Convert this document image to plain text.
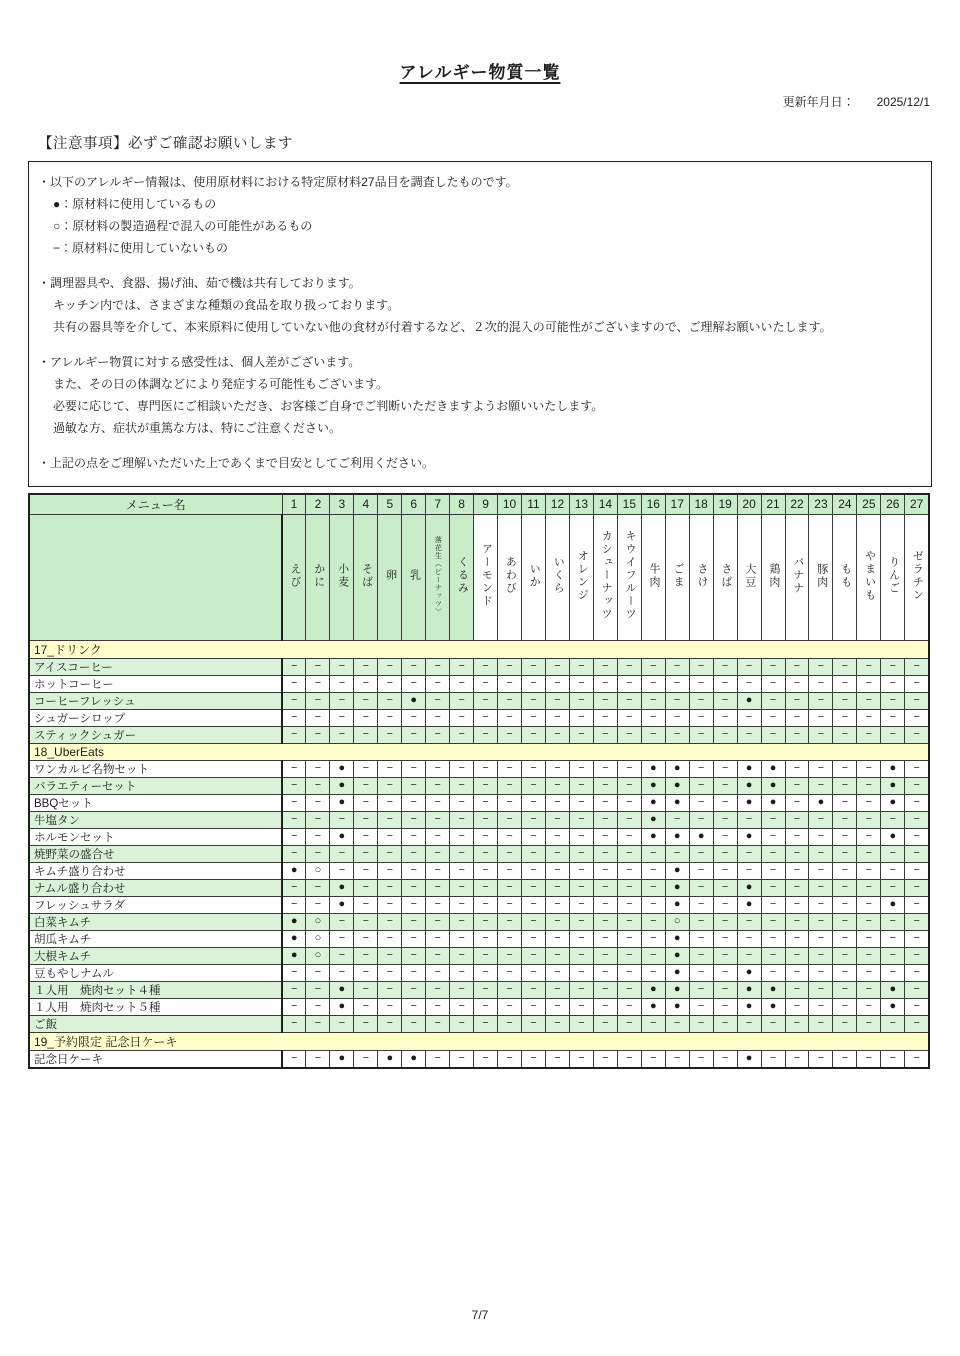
アレルギー物質一覧
更新年月日： 2025/12/1
【注意事項】必ずご確認お願いします
・以下のアレルギー情報は、使用原材料における特定原材料27品目を調査したものです。
●：原材料に使用しているもの
○：原材料の製造過程で混入の可能性があるもの
−：原材料に使用していないもの
・調理器具や、食器、揚げ油、茹で機は共有しております。
キッチン内では、さまざまな種類の食品を取り扱っております。
共有の器具等を介して、本来原料に使用していない他の食材が付着するなど、２次的混入の可能性がございますので、ご理解お願いいたします。
・アレルギー物質に対する感受性は、個人差がございます。
また、その日の体調などにより発症する可能性もございます。
必要に応じて、専門医にご相談いただき、お客様ご自身でご判断いただきますようお願いいたします。
過敏な方、症状が重篤な方は、特にご注意ください。
・上記の点をご理解いただいた上であくまで目安としてご利用ください。
メニュー名	1	2	3	4	5	6	7	8	9	10	11	12	13	14	15	16	17	18	19	20	21	22	23	24	25	26	27
	えび	かに	小麦	そば	卵	乳	落花生（ピーナッツ）	くるみ	アーモンド	あわび	いか	いくら	オレンジ	カシューナッツ	キウイフルーツ	牛肉	ごま	さけ	さば	大豆	鶏肉	バナナ	豚肉	もも	やまいも	りんご	ゼラチン
17_ドリンク																											
アイスコーヒー	−	−	−	−	−	−	−	−	−	−	−	−	−	−	−	−	−	−	−	−	−	−	−	−	−	−	−
ホットコーヒー	−	−	−	−	−	−	−	−	−	−	−	−	−	−	−	−	−	−	−	−	−	−	−	−	−	−	−
コーヒーフレッシュ	−	−	−	−	−	●	−	−	−	−	−	−	−	−	−	−	−	−	−	●	−	−	−	−	−	−	−
シュガーシロップ	−	−	−	−	−	−	−	−	−	−	−	−	−	−	−	−	−	−	−	−	−	−	−	−	−	−	−
スティックシュガー	−	−	−	−	−	−	−	−	−	−	−	−	−	−	−	−	−	−	−	−	−	−	−	−	−	−	−
18_UberEats																											
ワンカルビ名物セット	−	−	●	−	−	−	−	−	−	−	−	−	−	−	−	●	●	−	−	●	●	−	−	−	−	●	−
バラエティーセット	−	−	●	−	−	−	−	−	−	−	−	−	−	−	−	●	●	−	−	●	●	−	−	−	−	●	−
BBQセット	−	−	●	−	−	−	−	−	−	−	−	−	−	−	−	●	●	−	−	●	●	−	●	−	−	●	−
牛塩タン	−	−	−	−	−	−	−	−	−	−	−	−	−	−	−	●	−	−	−	−	−	−	−	−	−	−	−
ホルモンセット	−	−	●	−	−	−	−	−	−	−	−	−	−	−	−	●	●	●	−	●	−	−	−	−	−	●	−
焼野菜の盛合せ	−	−	−	−	−	−	−	−	−	−	−	−	−	−	−	−	−	−	−	−	−	−	−	−	−	−	−
キムチ盛り合わせ	●	○	−	−	−	−	−	−	−	−	−	−	−	−	−	−	●	−	−	−	−	−	−	−	−	−	−
ナムル盛り合わせ	−	−	●	−	−	−	−	−	−	−	−	−	−	−	−	−	●	−	−	●	−	−	−	−	−	−	−
フレッシュサラダ	−	−	●	−	−	−	−	−	−	−	−	−	−	−	−	−	●	−	−	●	−	−	−	−	−	●	−
白菜キムチ	●	○	−	−	−	−	−	−	−	−	−	−	−	−	−	−	○	−	−	−	−	−	−	−	−	−	−
胡瓜キムチ	●	○	−	−	−	−	−	−	−	−	−	−	−	−	−	−	●	−	−	−	−	−	−	−	−	−	−
大根キムチ	●	○	−	−	−	−	−	−	−	−	−	−	−	−	−	−	●	−	−	−	−	−	−	−	−	−	−
豆もやしナムル	−	−	−	−	−	−	−	−	−	−	−	−	−	−	−	−	●	−	−	●	−	−	−	−	−	−	−
１人用　焼肉セット４種	−	−	●	−	−	−	−	−	−	−	−	−	−	−	−	●	●	−	−	●	●	−	−	−	−	●	−
１人用　焼肉セット５種	−	−	●	−	−	−	−	−	−	−	−	−	−	−	−	●	●	−	−	●	●	−	−	−	−	●	−
ご飯	−	−	−	−	−	−	−	−	−	−	−	−	−	−	−	−	−	−	−	−	−	−	−	−	−	−	−
19_予約限定 記念日ケーキ																											
記念日ケーキ	−	−	●	−	●	●	−	−	−	−	−	−	−	−	−	−	−	−	−	●	−	−	−	−	−	−	−
7/7
